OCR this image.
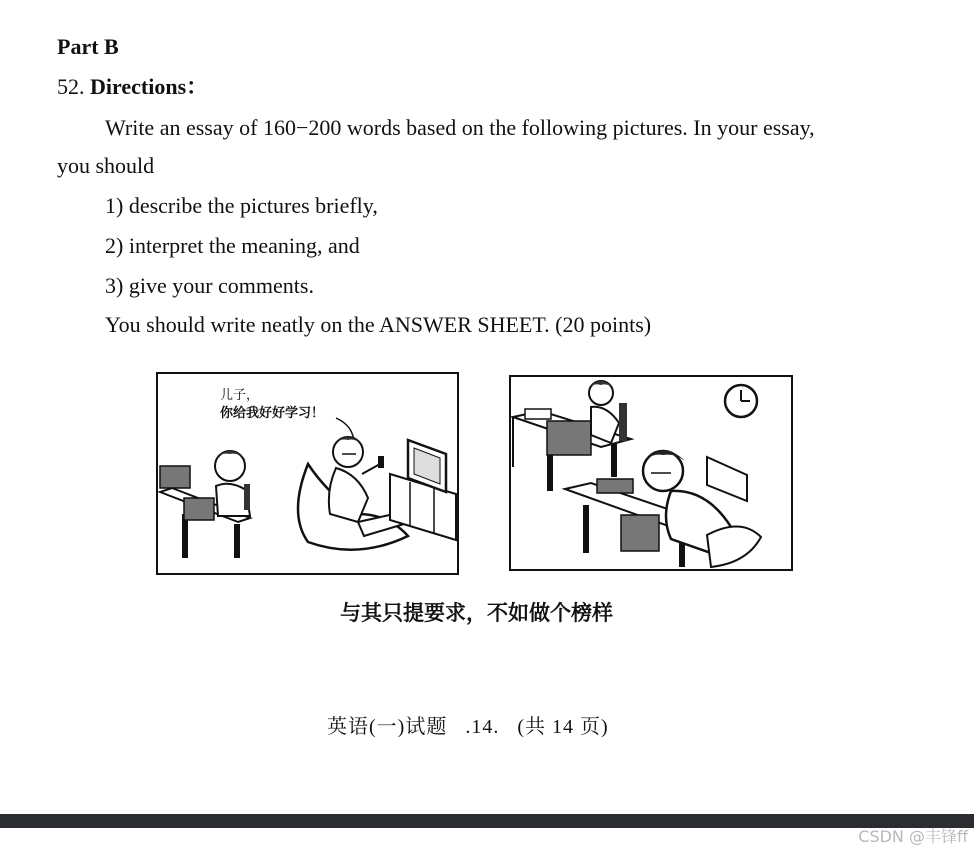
Part B
52. Directions：
Write an essay of 160−200 words based on the following pictures. In your essay,
you should
1) describe the pictures briefly,
2) interpret the meaning, and
3) give your comments.
You should write neatly on the ANSWER SHEET. (20 points)
儿子，
你给我好好学习！
与其只提要求，不如做个榜样
英语(一)试题 .14. (共 14 页)
CSDN @丰锋ff
